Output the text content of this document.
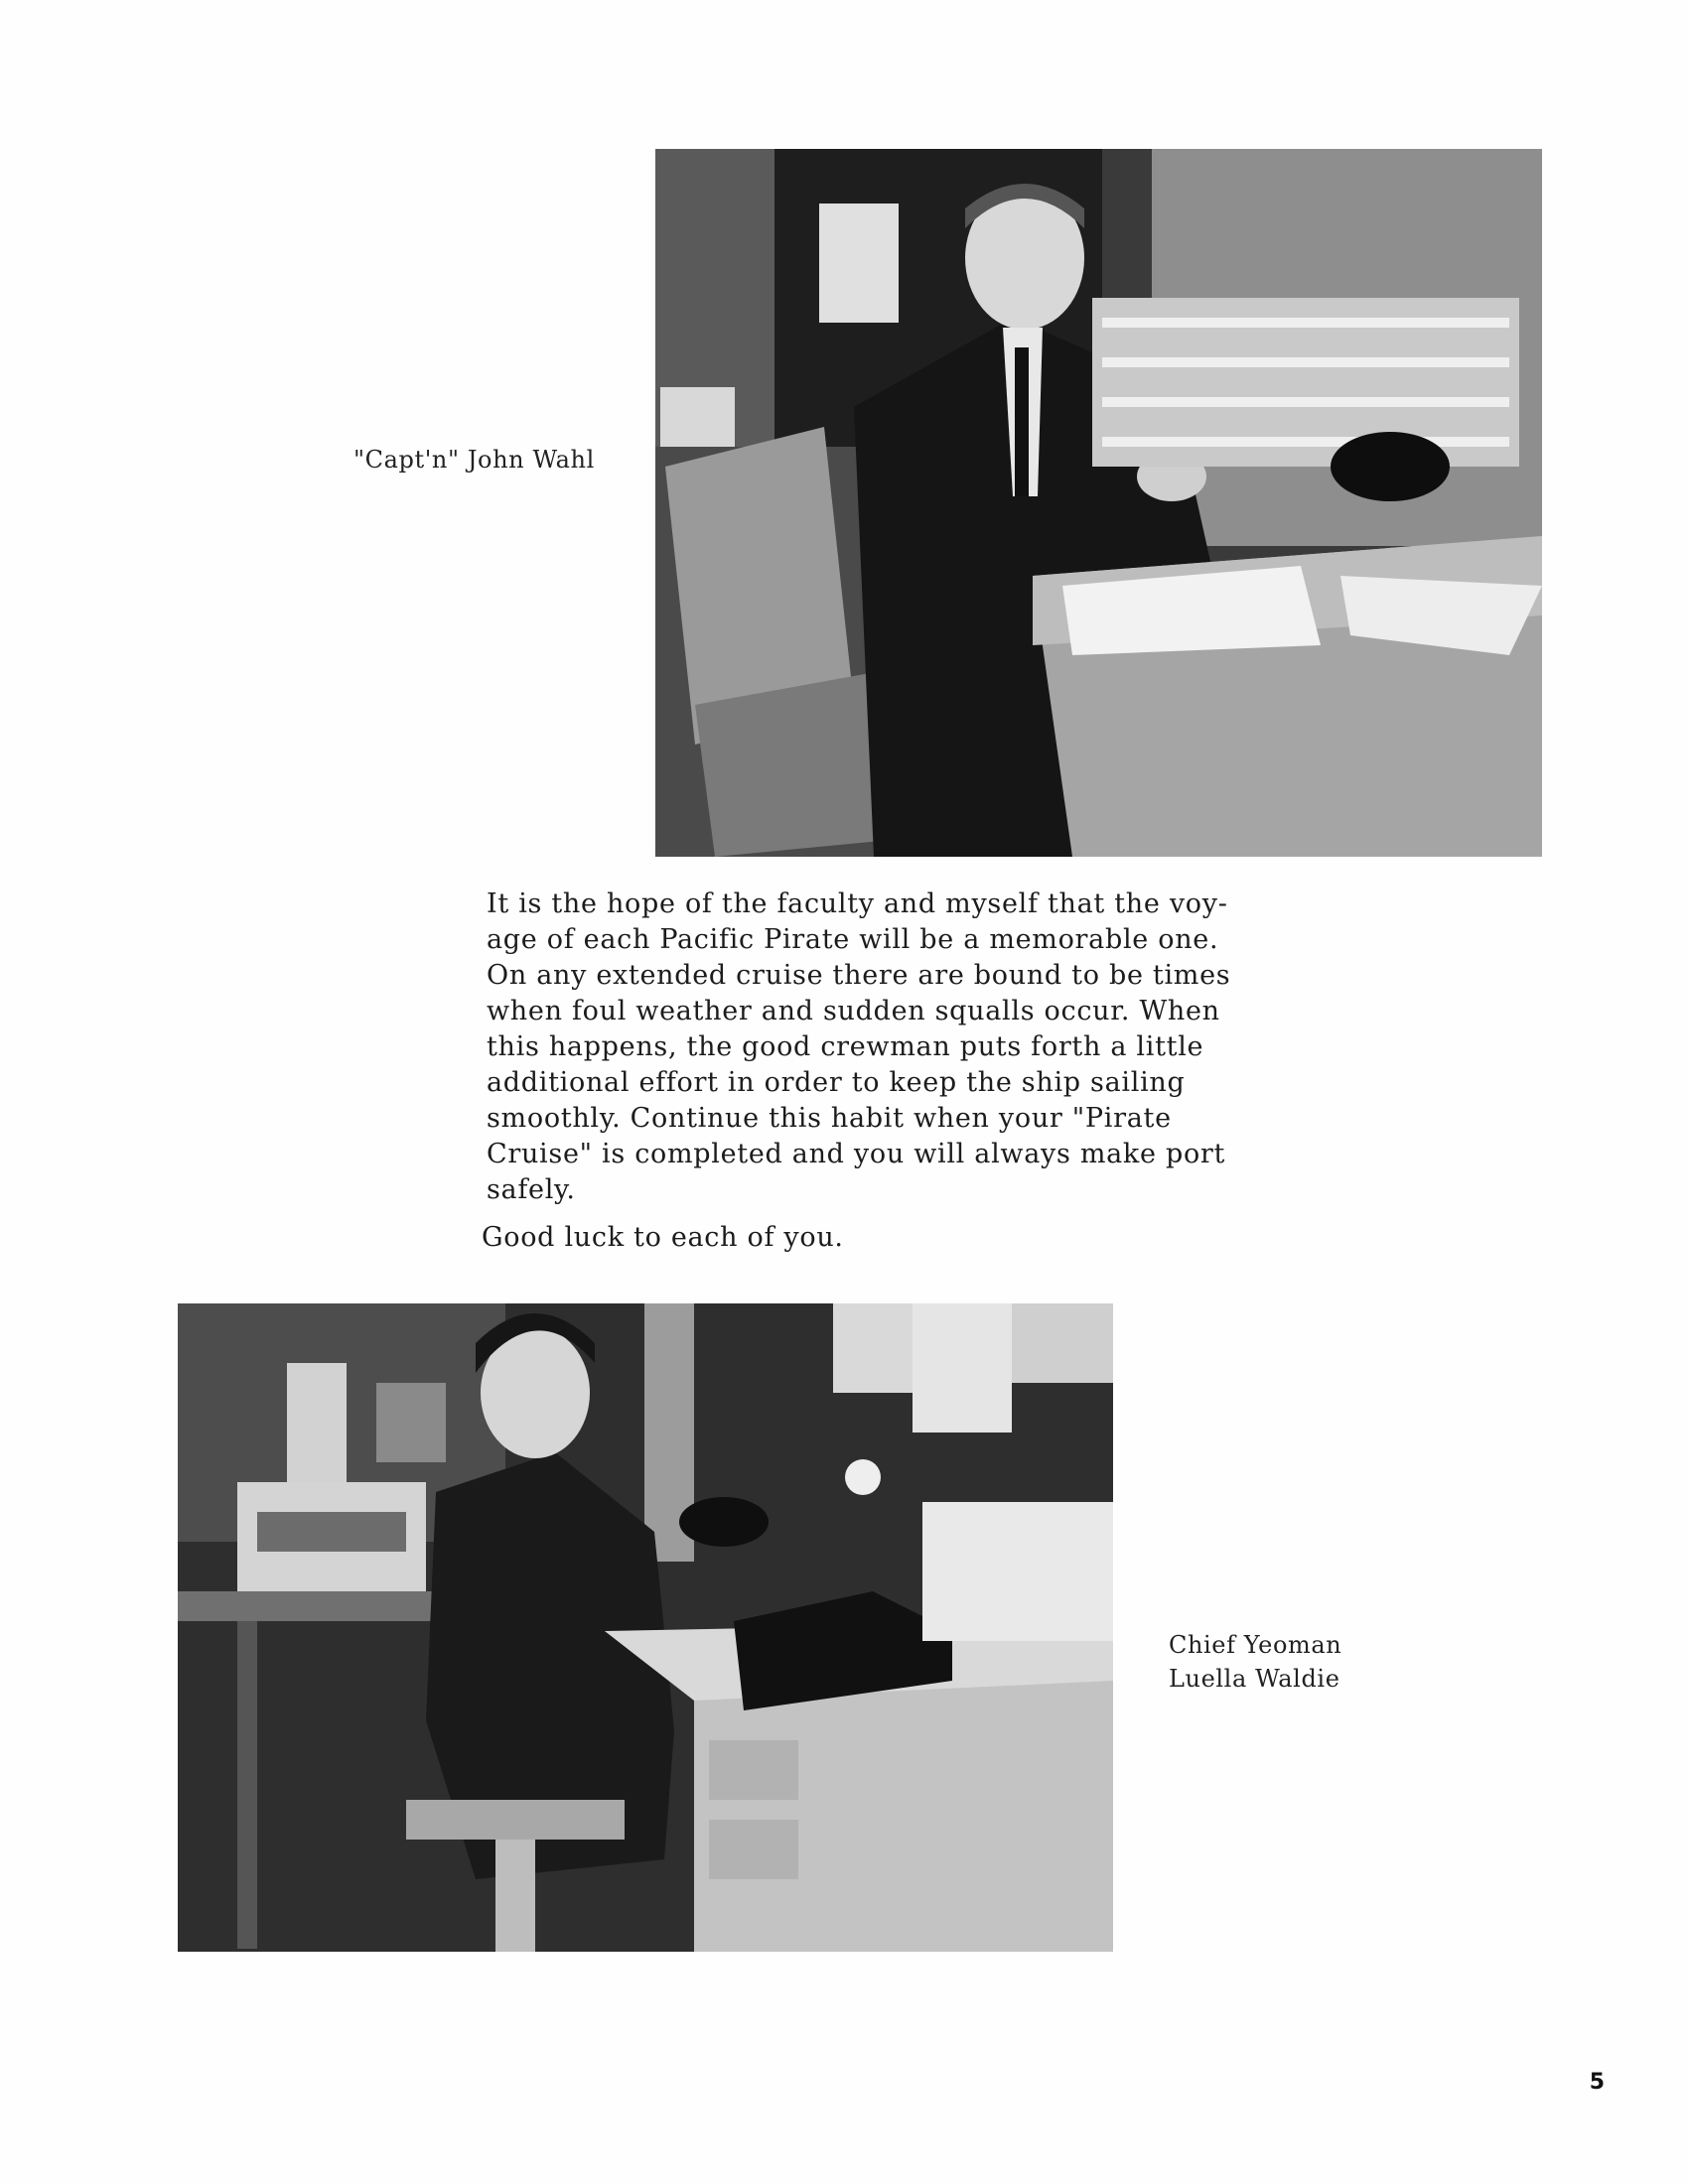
"Capt'n" John Wahl

It is the hope of the faculty and myself that the voy-
age of each Pacific Pirate will be a memorable one.
On any extended cruise there are bound to be times
when foul weather and sudden squalls occur. When
this happens, the good crewman puts forth a little
additional effort in order to keep the ship sailing
smoothly. Continue this habit when your "Pirate
Cruise" is completed and you will always make port
safely.

Good luck to each of you.

Chief Yeoman
Luella Waldie
5
